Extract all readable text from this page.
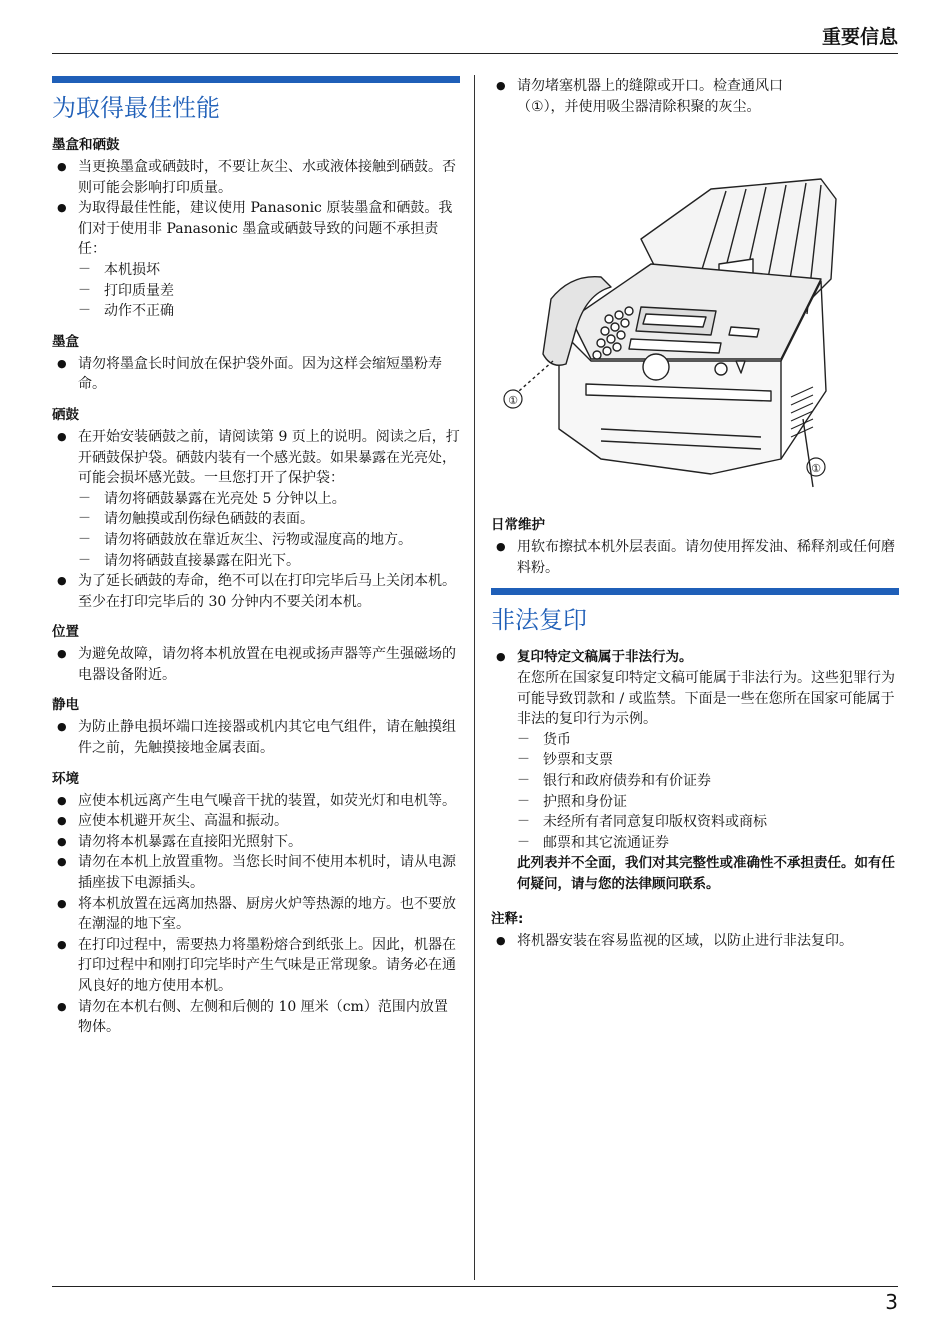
重要信息
为取得最佳性能
墨盒和硒鼓
● 当更换墨盒或硒鼓时，不要让灰尘、水或液体接触到硒鼓。否则可能会影响打印质量。
● 为取得最佳性能，建议使用 Panasonic 原装墨盒和硒鼓。我们对于使用非 Panasonic 墨盒或硒鼓导致的问题不承担责任：
－ 本机损坏
－ 打印质量差
－ 动作不正确
墨盒
● 请勿将墨盒长时间放在保护袋外面。因为这样会缩短墨粉寿命。
硒鼓
● 在开始安装硒鼓之前，请阅读第 9 页上的说明。阅读之后，打开硒鼓保护袋。硒鼓内装有一个感光鼓。如果暴露在光亮处，可能会损坏感光鼓。一旦您打开了保护袋：
－ 请勿将硒鼓暴露在光亮处 5 分钟以上。
－ 请勿触摸或刮伤绿色硒鼓的表面。
－ 请勿将硒鼓放在靠近灰尘、污物或湿度高的地方。
－ 请勿将硒鼓直接暴露在阳光下。
● 为了延长硒鼓的寿命，绝不可以在打印完毕后马上关闭本机。至少在打印完毕后的 30 分钟内不要关闭本机。
位置
● 为避免故障，请勿将本机放置在电视或扬声器等产生强磁场的电器设备附近。
静电
● 为防止静电损坏端口连接器或机内其它电气组件，请在触摸组件之前，先触摸接地金属表面。
环境
● 应使本机远离产生电气噪音干扰的装置，如荧光灯和电机等。
● 应使本机避开灰尘、高温和振动。
● 请勿将本机暴露在直接阳光照射下。
● 请勿在本机上放置重物。当您长时间不使用本机时，请从电源插座拔下电源插头。
● 将本机放置在远离加热器、厨房火炉等热源的地方。也不要放在潮湿的地下室。
● 在打印过程中，需要热力将墨粉熔合到纸张上。因此，机器在打印过程中和刚打印完毕时产生气味是正常现象。请务必在通风良好的地方使用本机。
● 请勿在本机右侧、左侧和后侧的 10 厘米（cm）范围内放置物体。
● 请勿堵塞机器上的缝隙或开口。检查通风口
（①），并使用吸尘器清除积聚的灰尘。
①
①
日常维护
● 用软布擦拭本机外层表面。请勿使用挥发油、稀释剂或任何磨料粉。
非法复印
● 复印特定文稿属于非法行为。
在您所在国家复印特定文稿可能属于非法行为。这些犯罪行为可能导致罚款和 / 或监禁。下面是一些在您所在国家可能属于非法的复印行为示例。
－ 货币
－ 钞票和支票
－ 银行和政府债券和有价证券
－ 护照和身份证
－ 未经所有者同意复印版权资料或商标
－ 邮票和其它流通证券
此列表并不全面，我们对其完整性或准确性不承担责任。如有任何疑问，请与您的法律顾问联系。
注释:
● 将机器安装在容易监视的区域，以防止进行非法复印。
3
